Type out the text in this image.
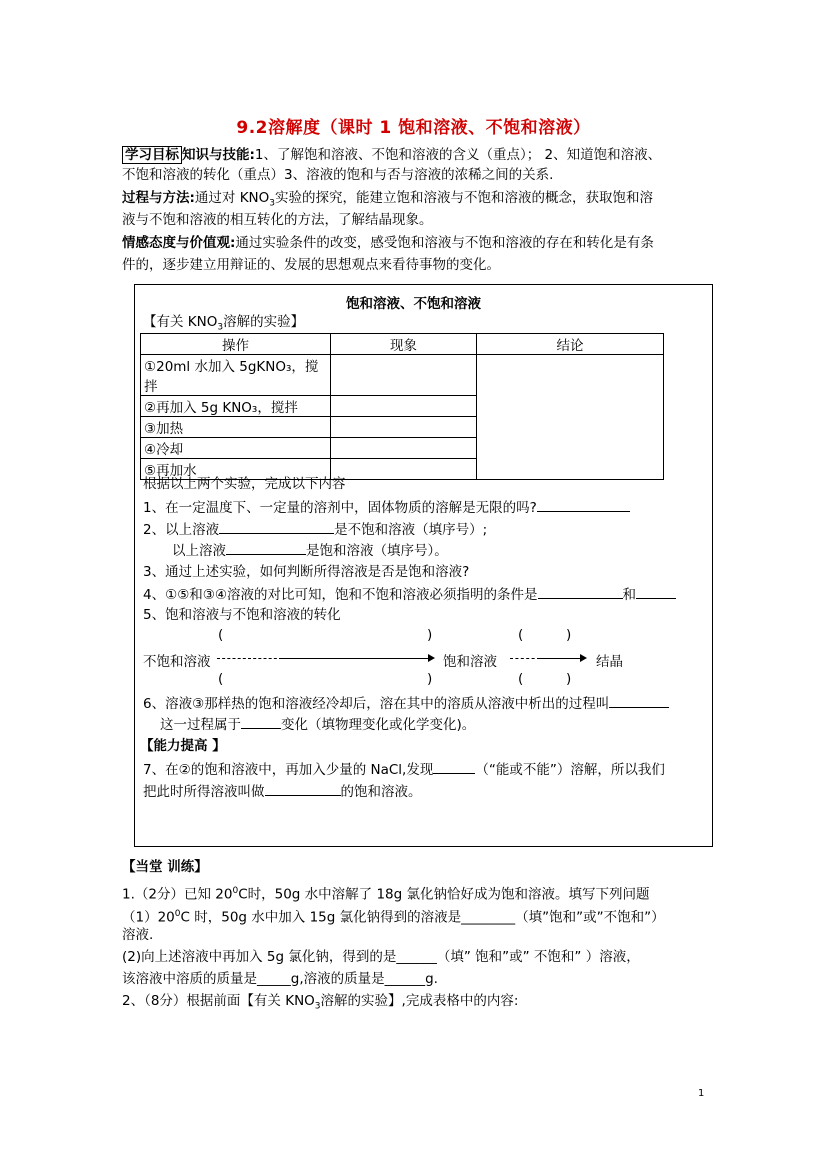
9.2溶解度（课时 1 饱和溶液、不饱和溶液）
学习目标 知识与技能:1、了解饱和溶液、不饱和溶液的含义（重点）； 2、知道饱和溶液、
不饱和溶液的转化（重点）3、溶液的饱和与否与溶液的浓稀之间的关系.
过程与方法:通过对 $KNO_3$实验的探究，能建立饱和溶液与不饱和溶液的概念，获取饱和溶
液与不饱和溶液的相互转化的方法，了解结晶现象。
情感态度与价值观:通过实验条件的改变，感受饱和溶液与不饱和溶液的存在和转化是有条
件的，逐步建立用辩证的、发展的思想观点来看待事物的变化。
饱和溶液、不饱和溶液
【有关 $KNO_3$溶解的实验】
操作	现象	结论
①20ml 水加入 5gKNO₃，搅拌		
②再加入 5g KNO₃，搅拌		
③加热		
④冷却		
⑤再加水		
根据以上两个实验，完成以下内容
1、在一定温度下、一定量的溶剂中，固体物质的溶解是无限的吗?
2、以上溶液	是不饱和溶液（填序号）;
以上溶液	是饱和溶液（填序号）。
3、通过上述实验，如何判断所得溶液是否是饱和溶液?
4、①⑤和③④溶液的对比可知，饱和不饱和溶液必须指明的条件是	和
5、饱和溶液与不饱和溶液的转化
(	)	(	)
不饱和溶液	饱和溶液	结晶
(	)	(	)
6、溶液③那样热的饱和溶液经冷却后，溶在其中的溶质从溶液中析出的过程叫
这一过程属于	变化（填物理变化或化学变化)。
【能力提高 】
7、在②的饱和溶液中，再加入少量的 NaCl,发现	（“能或不能”）溶解，所以我们
把此时所得溶液叫做	的饱和溶液。
【当堂 训练】
1.（2分）已知 $20^0C$时，50g 水中溶解了 18g 氯化钠恰好成为饱和溶液。填写下列问题
$(1)20^0C$ 时，50g 水中加入 15g 氯化钠得到的溶液是________（填”饱和”或”不饱和”）
溶液.
(2)向上述溶液中再加入 5g 氯化钠，得到的是______（填” 饱和”或” 不饱和” ）溶液，
该溶液中溶质的质量是_____g,溶液的质量是______g.
2、（8分）根据前面【有关 $KNO_3$溶解的实验】,完成表格中的内容:
1
